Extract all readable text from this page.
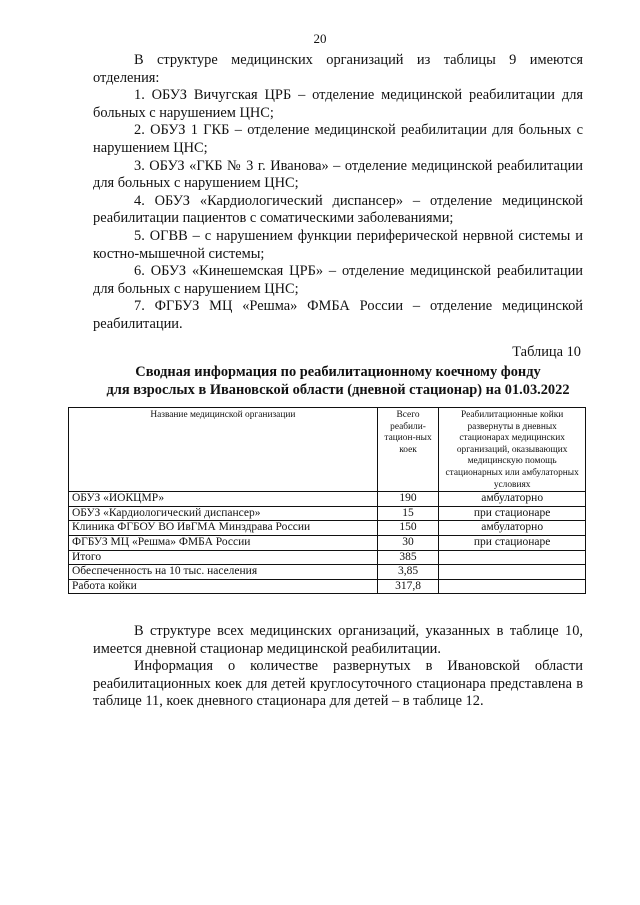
20

В структуре медицинских организаций из таблицы 9 имеются отделения:

1. ОБУЗ Вичугская ЦРБ – отделение медицинской реабилитации для больных с нарушением ЦНС;

2. ОБУЗ 1 ГКБ – отделение медицинской реабилитации для больных с нарушением ЦНС;

3. ОБУЗ «ГКБ № 3 г. Иванова» – отделение медицинской реабилитации для больных с нарушением ЦНС;

4. ОБУЗ «Кардиологический диспансер» – отделение медицинской реабилитации пациентов с соматическими заболеваниями;

5. ОГВВ – с нарушением функции периферической нервной системы и костно-мышечной системы;

6. ОБУЗ «Кинешемская ЦРБ» – отделение медицинской реабилитации для больных с нарушением ЦНС;

7. ФГБУЗ МЦ «Решма» ФМБА России – отделение медицинской реабилитации.

Таблица 10
Сводная информация по реабилитационному коечному фонду
для взрослых в Ивановской области (дневной стационар) на 01.03.2022
Название медицинской организации	Всего реабили-тацион-ных коек	Реабилитационные койки развернуты в дневных стационарах медицинских организаций, оказывающих медицинскую помощь стационарных или амбулаторных условиях
ОБУЗ «ИОКЦМР»	190	амбулаторно
ОБУЗ «Кардиологический диспансер»	15	при стационаре
Клиника ФГБОУ ВО ИвГМА Минздрава России	150	амбулаторно
ФГБУЗ МЦ «Решма» ФМБА России	30	при стационаре
Итого	385	
Обеспеченность на 10 тыс. населения	3,85	
Работа койки	317,8	

В структуре всех медицинских организаций, указанных в таблице 10, имеется дневной стационар медицинской реабилитации.

Информация о количестве развернутых в Ивановской области реабилитационных коек для детей круглосуточного стационара представлена в таблице 11, коек дневного стационара для детей – в таблице 12.
